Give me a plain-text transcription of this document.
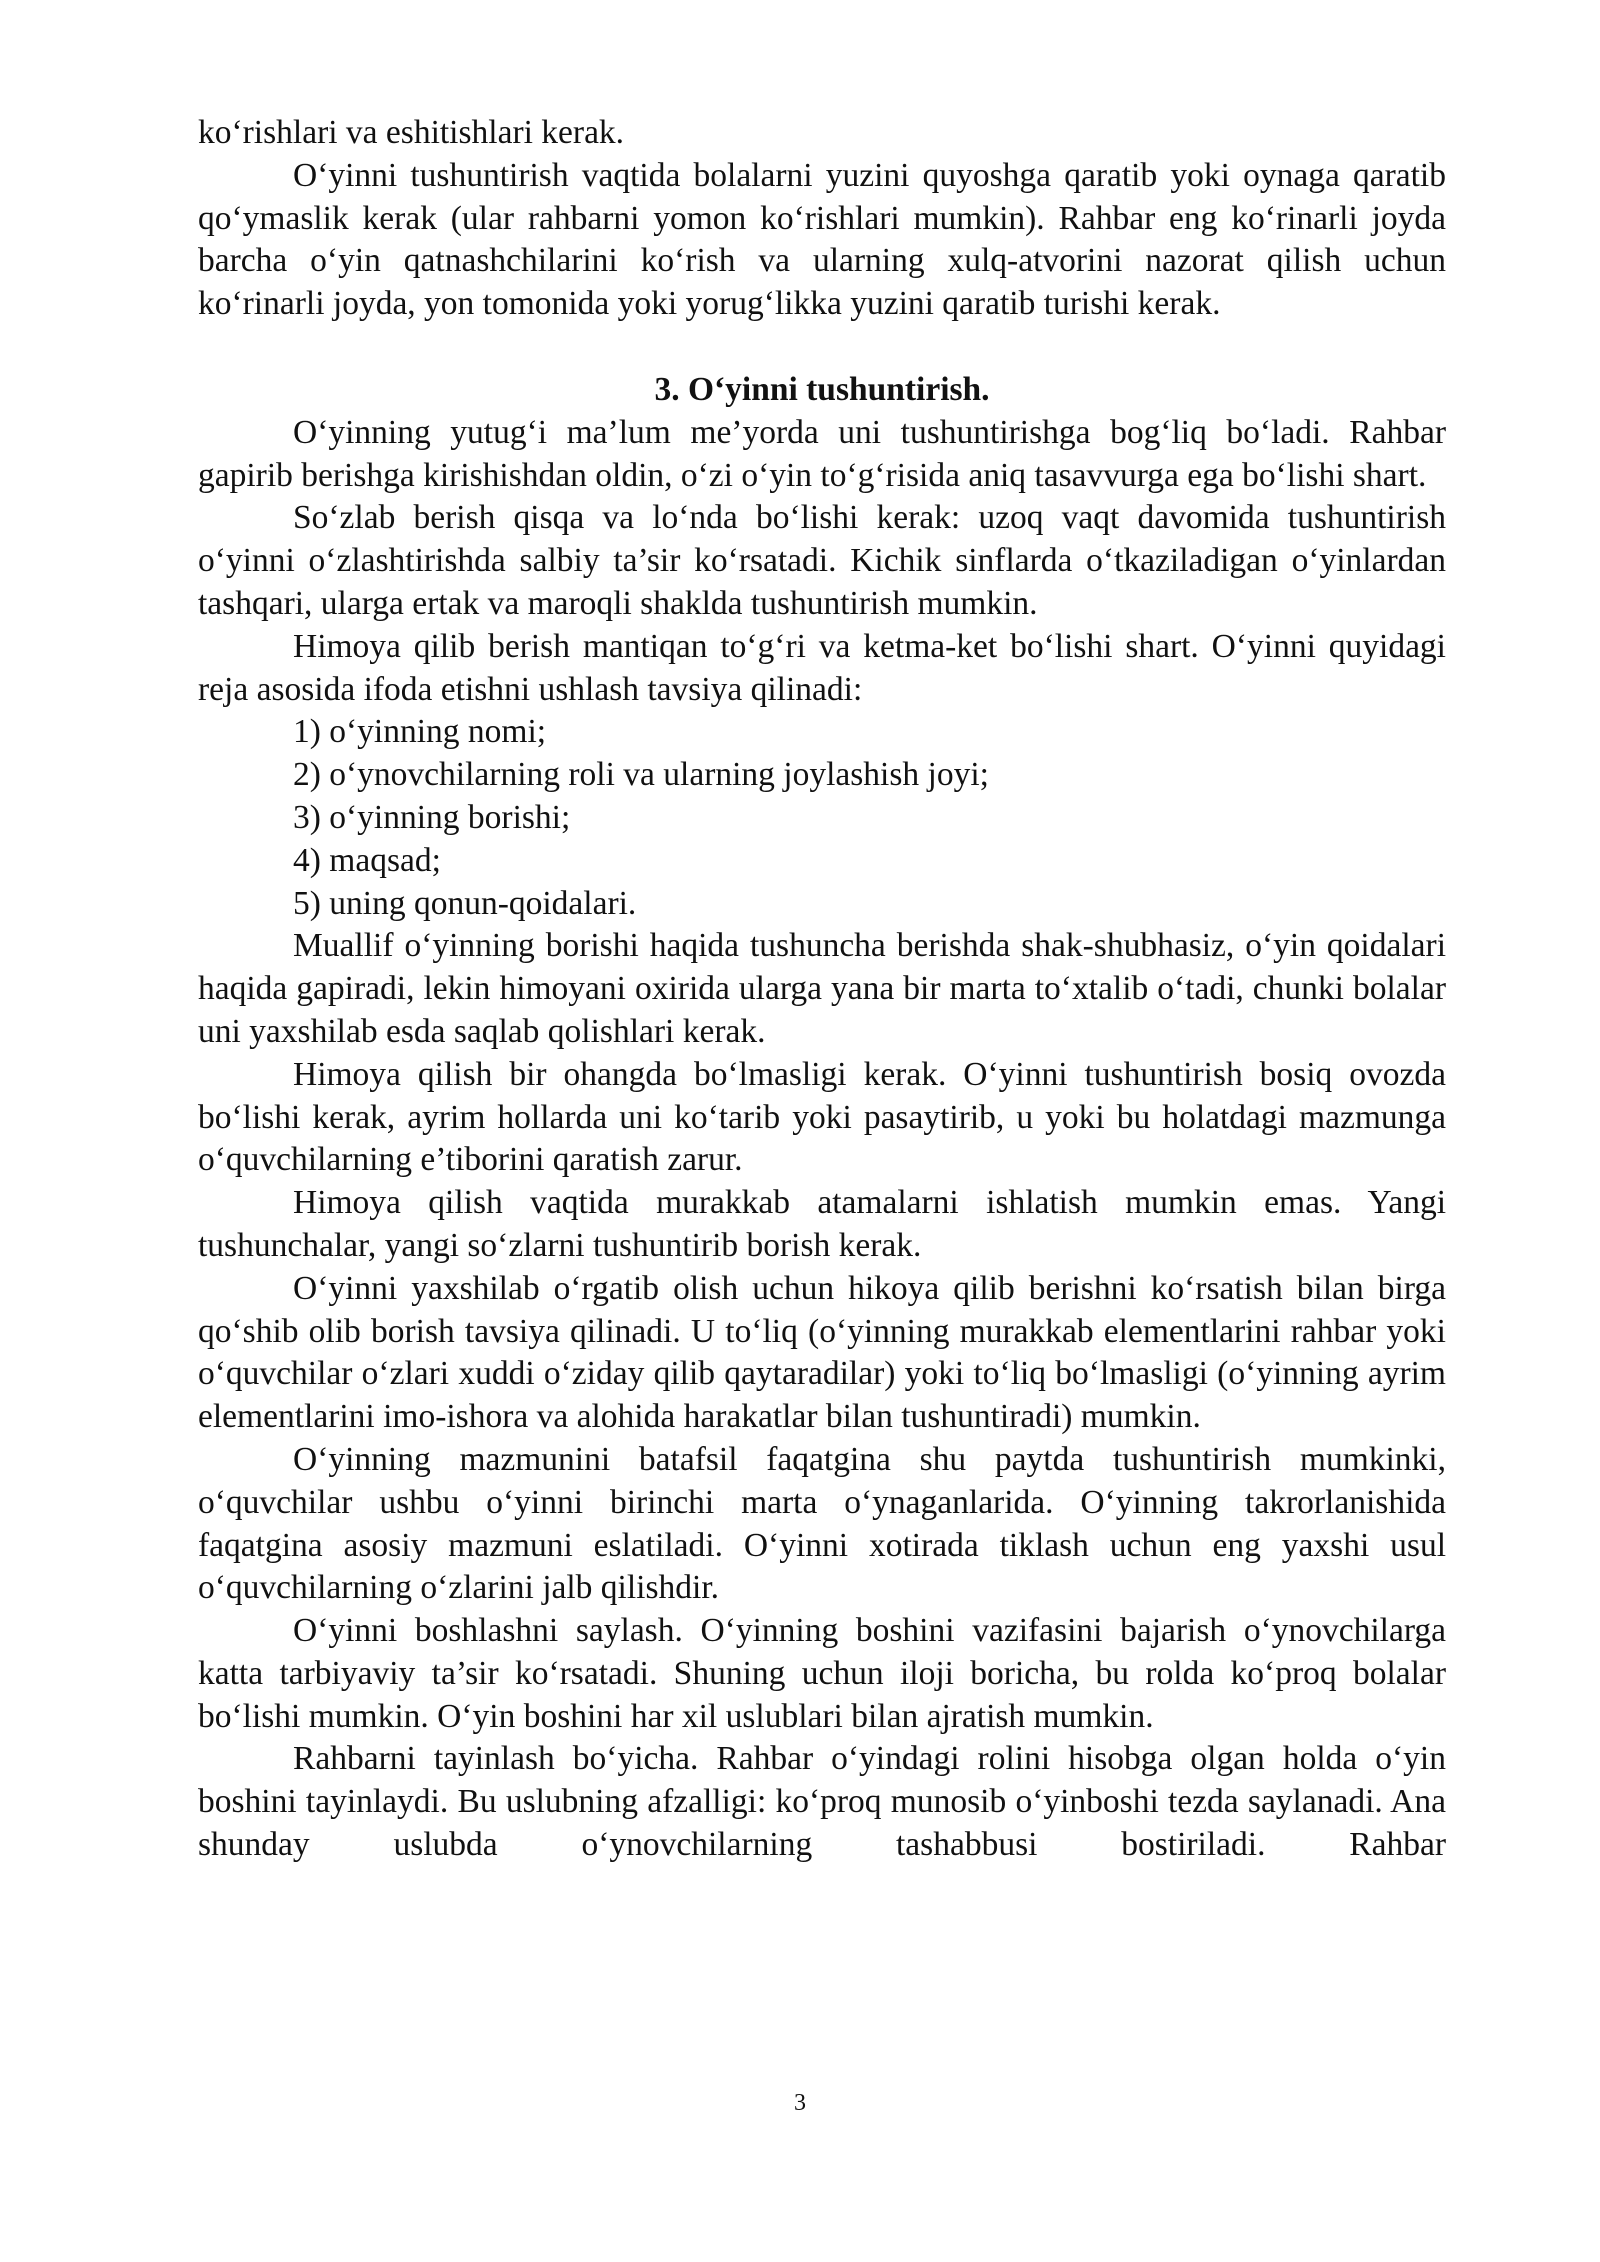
ko‘rishlari va eshitishlari kerak.

O‘yinni tushuntirish vaqtida bolalarni yuzini quyoshga qaratib yoki oynaga qaratib qo‘ymaslik kerak (ular rahbarni yomon ko‘rishlari mumkin). Rahbar eng ko‘rinarli joyda barcha o‘yin qatnashchilarini ko‘rish va ularning xulq-atvorini nazorat qilish uchun ko‘rinarli joyda, yon tomonida yoki yorug‘likka yuzini qaratib turishi kerak.

3. O‘yinni tushuntirish.

O‘yinning yutug‘i ma’lum me’yorda uni tushuntirishga bog‘liq bo‘ladi. Rahbar gapirib berishga kirishishdan oldin, o‘zi o‘yin to‘g‘risida aniq tasavvurga ega bo‘lishi shart.

So‘zlab berish qisqa va lo‘nda bo‘lishi kerak: uzoq vaqt davomida tushuntirish o‘yinni o‘zlashtirishda salbiy ta’sir ko‘rsatadi. Kichik sinflarda o‘tkaziladigan o‘yinlardan tashqari, ularga ertak va maroqli shaklda tushuntirish mumkin.

Himoya qilib berish mantiqan to‘g‘ri va ketma-ket bo‘lishi shart. O‘yinni quyidagi reja asosida ifoda etishni ushlash tavsiya qilinadi:

1) o‘yinning nomi;
2) o‘ynovchilarning roli va ularning joylashish joyi;
3) o‘yinning borishi;
4) maqsad;
5) uning qonun-qoidalari.

Muallif o‘yinning borishi haqida tushuncha berishda shak-shubhasiz, o‘yin qoidalari haqida gapiradi, lekin himoyani oxirida ularga yana bir marta to‘xtalib o‘tadi, chunki bolalar uni yaxshilab esda saqlab qolishlari kerak.

Himoya qilish bir ohangda bo‘lmasligi kerak. O‘yinni tushuntirish bosiq ovozda bo‘lishi kerak, ayrim hollarda uni ko‘tarib yoki pasaytirib, u yoki bu holatdagi mazmunga o‘quvchilarning e’tiborini qaratish zarur.

Himoya qilish vaqtida murakkab atamalarni ishlatish mumkin emas. Yangi tushunchalar, yangi so‘zlarni tushuntirib borish kerak.

O‘yinni yaxshilab o‘rgatib olish uchun hikoya qilib berishni ko‘rsatish bilan birga qo‘shib olib borish tavsiya qilinadi. U to‘liq (o‘yinning murakkab elementlarini rahbar yoki o‘quvchilar o‘zlari xuddi o‘ziday qilib qaytaradilar) yoki to‘liq bo‘lmasligi (o‘yinning ayrim elementlarini imo-ishora va alohida harakatlar bilan tushuntiradi) mumkin.

O‘yinning mazmunini batafsil faqatgina shu paytda tushuntirish mumkinki, o‘quvchilar ushbu o‘yinni birinchi marta o‘ynaganlarida. O‘yinning takrorlanishida faqatgina asosiy mazmuni eslatiladi. O‘yinni xotirada tiklash uchun eng yaxshi usul o‘quvchilarning o‘zlarini jalb qilishdir.

O‘yinni boshlashni saylash. O‘yinning boshini vazifasini bajarish o‘ynovchilarga katta tarbiyaviy ta’sir ko‘rsatadi. Shuning uchun iloji boricha, bu rolda ko‘proq bolalar bo‘lishi mumkin. O‘yin boshini har xil uslublari bilan ajratish mumkin.

Rahbarni tayinlash bo‘yicha. Rahbar o‘yindagi rolini hisobga olgan holda o‘yin boshini tayinlaydi. Bu uslubning afzalligi: ko‘proq munosib o‘yinboshi tezda saylanadi. Ana shunday uslubda o‘ynovchilarning tashabbusi bostiriladi. Rahbar

3
